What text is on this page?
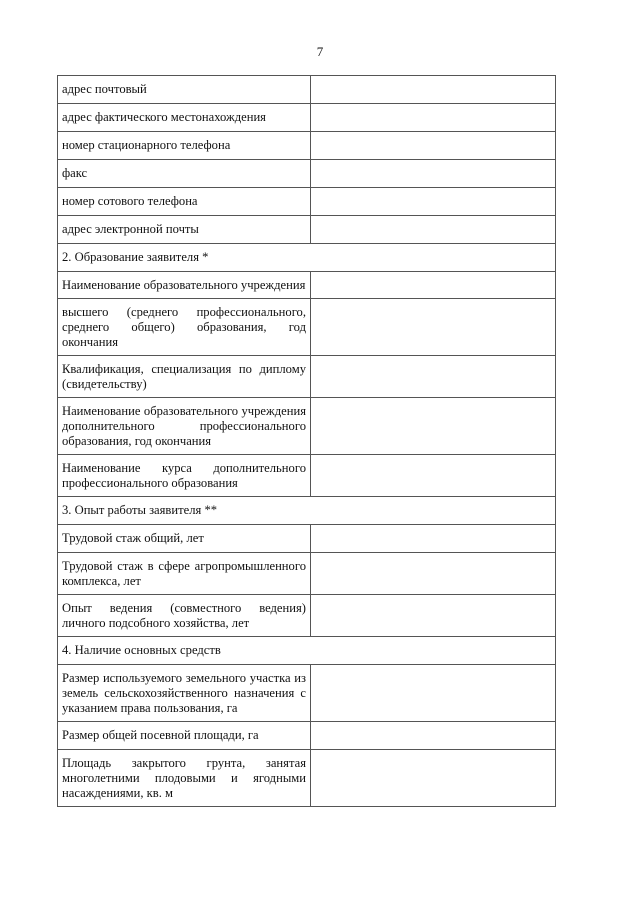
7
адрес почтовый	
адрес фактического местонахождения	
номер стационарного телефона	
факс	
номер сотового телефона	
адрес электронной почты	
2. Образование заявителя *	
Наименование образовательного учреждения	
высшего (среднего профессионального, среднего общего) образования, год окончания	
Квалификация, специализация по диплому (свидетельству)	
Наименование образовательного учреждения дополнительного профессионального образования, год окончания	
Наименование курса дополнительного профессионального образования	
3. Опыт работы заявителя **	
Трудовой стаж общий, лет	
Трудовой стаж в сфере агропромышленного комплекса, лет	
Опыт ведения (совместного ведения) личного подсобного хозяйства, лет	
4. Наличие основных средств	
Размер используемого земельного участка из земель сельскохозяйственного назначения с указанием права пользования, га	
Размер общей посевной площади, га	
Площадь закрытого грунта, занятая многолетними плодовыми и ягодными насаждениями, кв. м	
